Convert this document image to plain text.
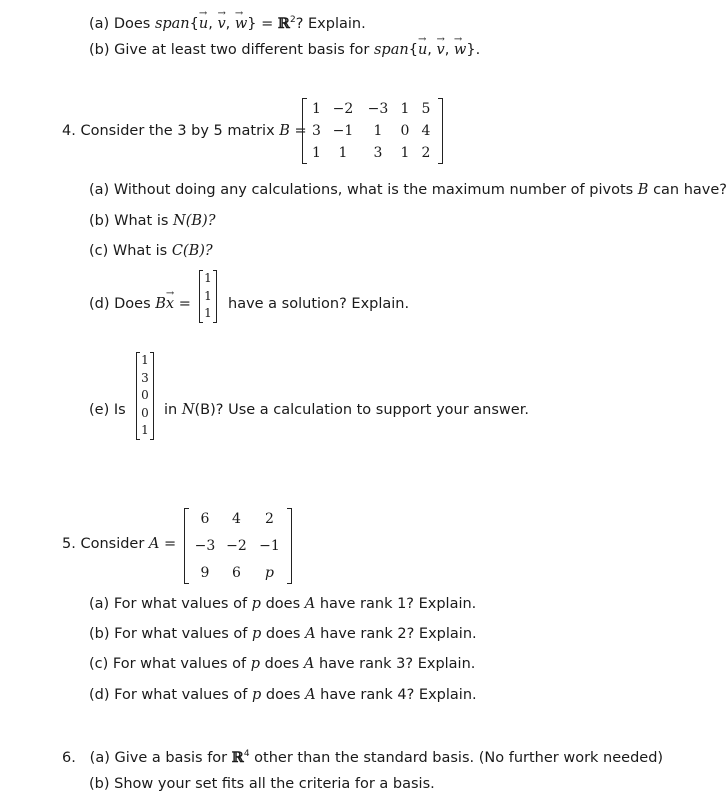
(a) Does span{u →, v →, w →} = ℝ$^2$? Explain.
(b) Give at least two different basis for span{u →, v →, w →}.
4. Consider the 3 by 5 matrix B =
1 −2	−3 1 5
3 −1	1	0 4
1	1	3	1 2
(a) Without doing any calculations, what is the maximum number of pivots B can have?
(b) What is N(B)?
(c) What is C(B)?
(d) Does Bx → =
1
1
1
have a solution? Explain.
(e) Is
1
3
0
0
1
in N(B)? Use a calculation to support your answer.
5. Consider A =
6	4	2
−3 −2 −1
9	6	p
(a) For what values of p does A have rank 1? Explain.
(b) For what values of p does A have rank 2? Explain.
(c) For what values of p does A have rank 3? Explain.
(d) For what values of p does A have rank 4? Explain.
6. (a) Give a basis for ℝ$^4$ other than the standard basis. (No further work needed)
(b) Show your set fits all the criteria for a basis.
